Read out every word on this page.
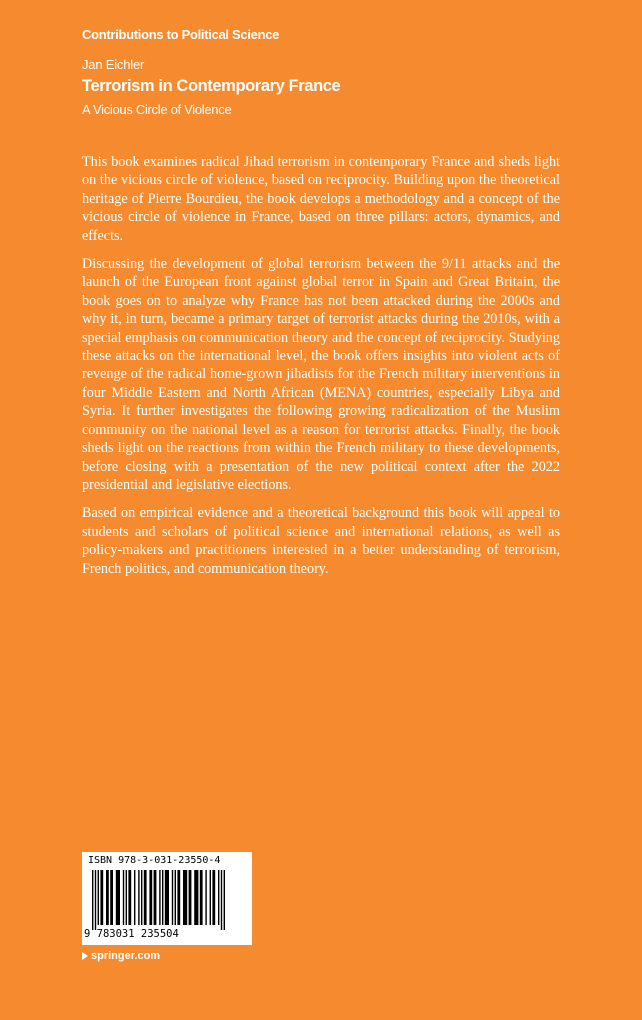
Contributions to Political Science
Jan Eichler
Terrorism in Contemporary France
A Vicious Circle of Violence

This book examines radical Jihad terrorism in contemporary France and sheds light on the vicious circle of violence, based on reciprocity. Building upon the theoretical heritage of Pierre Bourdieu, the book develops a methodology and a concept of the vicious circle of violence in France, based on three pillars: actors, dynamics, and effects.

Discussing the development of global terrorism between the 9/11 attacks and the launch of the European front against global terror in Spain and Great Britain, the book goes on to analyze why France has not been attacked during the 2000s and why it, in turn, became a primary target of terrorist attacks during the 2010s, with a special emphasis on communication theory and the concept of reciprocity. Studying these attacks on the international level, the book offers insights into violent acts of revenge of the radical home-grown jihadists for the French military interventions in four Middle Eastern and North African (MENA) countries, especially Libya and Syria. It further investigates the following growing radicalization of the Muslim community on the national level as a reason for terrorist attacks. Finally, the book sheds light on the reactions from within the French military to these developments, before closing with a presentation of the new political context after the 2022 presidential and legislative elections.

Based on empirical evidence and a theoretical background this book will appeal to students and scholars of political science and international relations, as well as policy-makers and practitioners interested in a better understanding of terrorism, French politics, and communication theory.

ISBN 978-3-031-23550-4
9 783031 235504
springer.com
